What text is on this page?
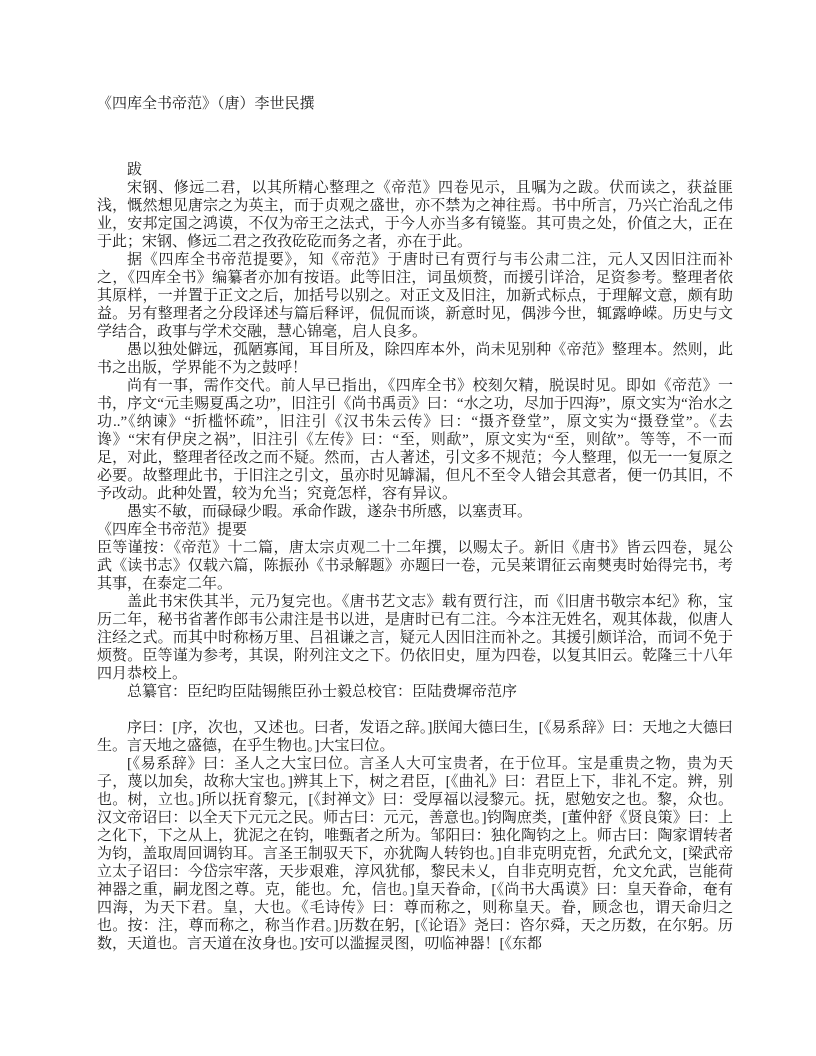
《四库全书帝范》（唐）李世民撰

跋

宋钢、修远二君，以其所精心整理之《帝范》四卷见示，且嘱为之跋。伏而读之，获益匪浅，慨然想见唐宗之为英主，而于贞观之盛世，亦不禁为之神往焉。书中所言，乃兴亡治乱之伟业，安邦定国之鸿谟，不仅为帝王之法式，于今人亦当多有镜鉴。其可贵之处，价值之大，正在于此；宋钢、修远二君之孜孜矻矻而务之者，亦在于此。

据《四库全书帝范提要》，知《帝范》于唐时已有贾行与韦公肃二注，元人又因旧注而补之，《四库全书》编纂者亦加有按语。此等旧注，词虽烦赘，而援引详洽，足资参考。整理者依其原样，一并置于正文之后，加括号以别之。对正文及旧注，加新式标点，于理解文意，颇有助益。另有整理者之分段译述与篇后释评，侃侃而谈，新意时见，偶涉今世，辄露峥嵘。历史与文学结合，政事与学术交融，慧心锦毫，启人良多。

愚以独处僻远，孤陋寡闻，耳目所及，除四库本外，尚未见别种《帝范》整理本。然则，此书之出版，学界能不为之鼓呼！

尚有一事，需作交代。前人早已指出，《四库全书》校刻欠精，脱误时见。即如《帝范》一书，序文“元圭赐夏禹之功”，旧注引《尚书禹贡》曰：“水之功，尽加于四海”，原文实为“治水之功..”《纳谏》“折槛怀疏”，旧注引《汉书朱云传》曰：“摄齐登堂”，原文实为“摄登堂”。《去谗》“宋有伊戾之祸”，旧注引《左传》曰：“至，则歃”，原文实为“至，则欿”。等等，不一而足，对此，整理者径改之而不疑。然而，古人著述，引文多不规范；今人整理，似无一一复原之必要。故整理此书，于旧注之引文，虽亦时见罅漏，但凡不至令人错会其意者，便一仍其旧，不予改动。此种处置，较为允当；究竟怎样，容有异议。

愚实不敏，而碌碌少暇。承命作跋，遂杂书所感，以塞责耳。

《四库全书帝范》提要

臣等谨按：《帝范》十二篇，唐太宗贞观二十二年撰，以赐太子。新旧《唐书》皆云四卷，晁公武《读书志》仅载六篇，陈振孙《书录解题》亦题曰一卷，元吴莱谓征云南僰夷时始得完书，考其事，在泰定二年。

盖此书宋佚其半，元乃复完也。《唐书艺文志》载有贾行注，而《旧唐书敬宗本纪》称，宝历二年，秘书省著作郎韦公肃注是书以进，是唐时已有二注。今本注无姓名，观其体裁，似唐人注经之式。而其中时称杨万里、吕祖谦之言，疑元人因旧注而补之。其援引颇详洽，而词不免于烦赘。臣等谨为参考，其误，附列注文之下。仍依旧史，厘为四卷，以复其旧云。乾隆三十八年四月恭校上。

总纂官：臣纪昀臣陆锡熊臣孙士毅总校官：臣陆费墀帝范序

序曰：[序，次也，又述也。曰者，发语之辞。]朕闻大德曰生，[《易系辞》曰：天地之大德曰生。言天地之盛德，在乎生物也。]大宝曰位。

[《易系辞》曰：圣人之大宝曰位。言圣人大可宝贵者，在于位耳。宝是重贵之物，贵为天子，蔑以加矣，故称大宝也。]辨其上下，树之君臣，[《曲礼》曰：君臣上下，非礼不定。辨，别也。树，立也。]所以抚育黎元，[《封禅文》曰：受厚福以浸黎元。抚，慰勉安之也。黎，众也。汉文帝诏曰：以全天下元元之民。师古曰：元元，善意也。]钧陶庶类，[董仲舒《贤良策》曰：上之化下，下之从上，犹泥之在钧，唯甄者之所为。邹阳曰：独化陶钧之上。师古曰：陶家谓转者为钧，盖取周回调钧耳。言圣王制驭天下，亦犹陶人转钧也。]自非克明克哲，允武允文，[梁武帝立太子诏曰：今岱宗牢落，天步艰难，淳风犹郁，黎民未乂，自非克明克哲，允文允武，岂能荷神器之重，嗣龙图之尊。克，能也。允，信也。]皇天眷命，[《尚书大禹谟》曰：皇天眷命，奄有四海，为天下君。皇，大也。《毛诗传》曰：尊而称之，则称皇天。眷，顾念也，谓天命归之也。按：注，尊而称之，称当作君。]历数在躬，[《论语》尧曰：咨尔舜，天之历数，在尔躬。历数，天道也。言天道在汝身也。]安可以滥握灵图，叨临神器！[《东都
